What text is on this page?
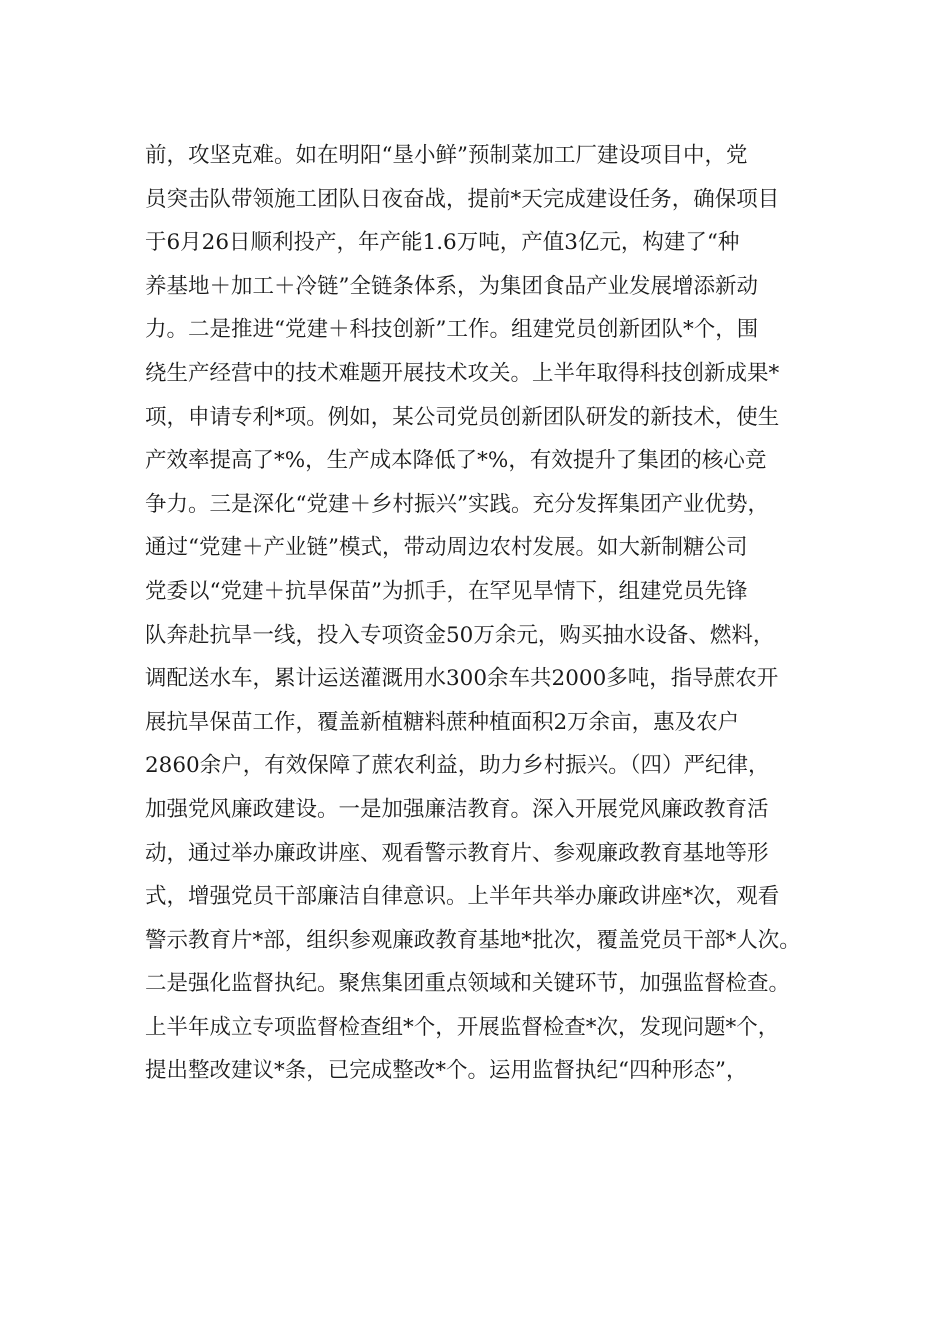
前，攻坚克难。如在明阳“垦小鲜”预制菜加工厂建设项目中，党
员突击队带领施工团队日夜奋战，提前*天完成建设任务，确保项目
于6月26日顺利投产，年产能1.6万吨，产值3亿元，构建了“种
养基地＋加工＋冷链”全链条体系，为集团食品产业发展增添新动
力。二是推进“党建＋科技创新”工作。组建党员创新团队*个，围
绕生产经营中的技术难题开展技术攻关。上半年取得科技创新成果*
项，申请专利*项。例如，某公司党员创新团队研发的新技术，使生
产效率提高了*%，生产成本降低了*%，有效提升了集团的核心竞
争力。三是深化“党建＋乡村振兴”实践。充分发挥集团产业优势，
通过“党建＋产业链”模式，带动周边农村发展。如大新制糖公司
党委以“党建＋抗旱保苗”为抓手，在罕见旱情下，组建党员先锋
队奔赴抗旱一线，投入专项资金50万余元，购买抽水设备、燃料，
调配送水车，累计运送灌溉用水300余车共2000多吨，指导蔗农开
展抗旱保苗工作，覆盖新植糖料蔗种植面积2万余亩，惠及农户
2860余户，有效保障了蔗农利益，助力乡村振兴。（四）严纪律，
加强党风廉政建设。一是加强廉洁教育。深入开展党风廉政教育活
动，通过举办廉政讲座、观看警示教育片、参观廉政教育基地等形
式，增强党员干部廉洁自律意识。上半年共举办廉政讲座*次，观看
警示教育片*部，组织参观廉政教育基地*批次，覆盖党员干部*人次。
二是强化监督执纪。聚焦集团重点领域和关键环节，加强监督检查。
上半年成立专项监督检查组*个，开展监督检查*次，发现问题*个，
提出整改建议*条，已完成整改*个。运用监督执纪“四种形态”，
